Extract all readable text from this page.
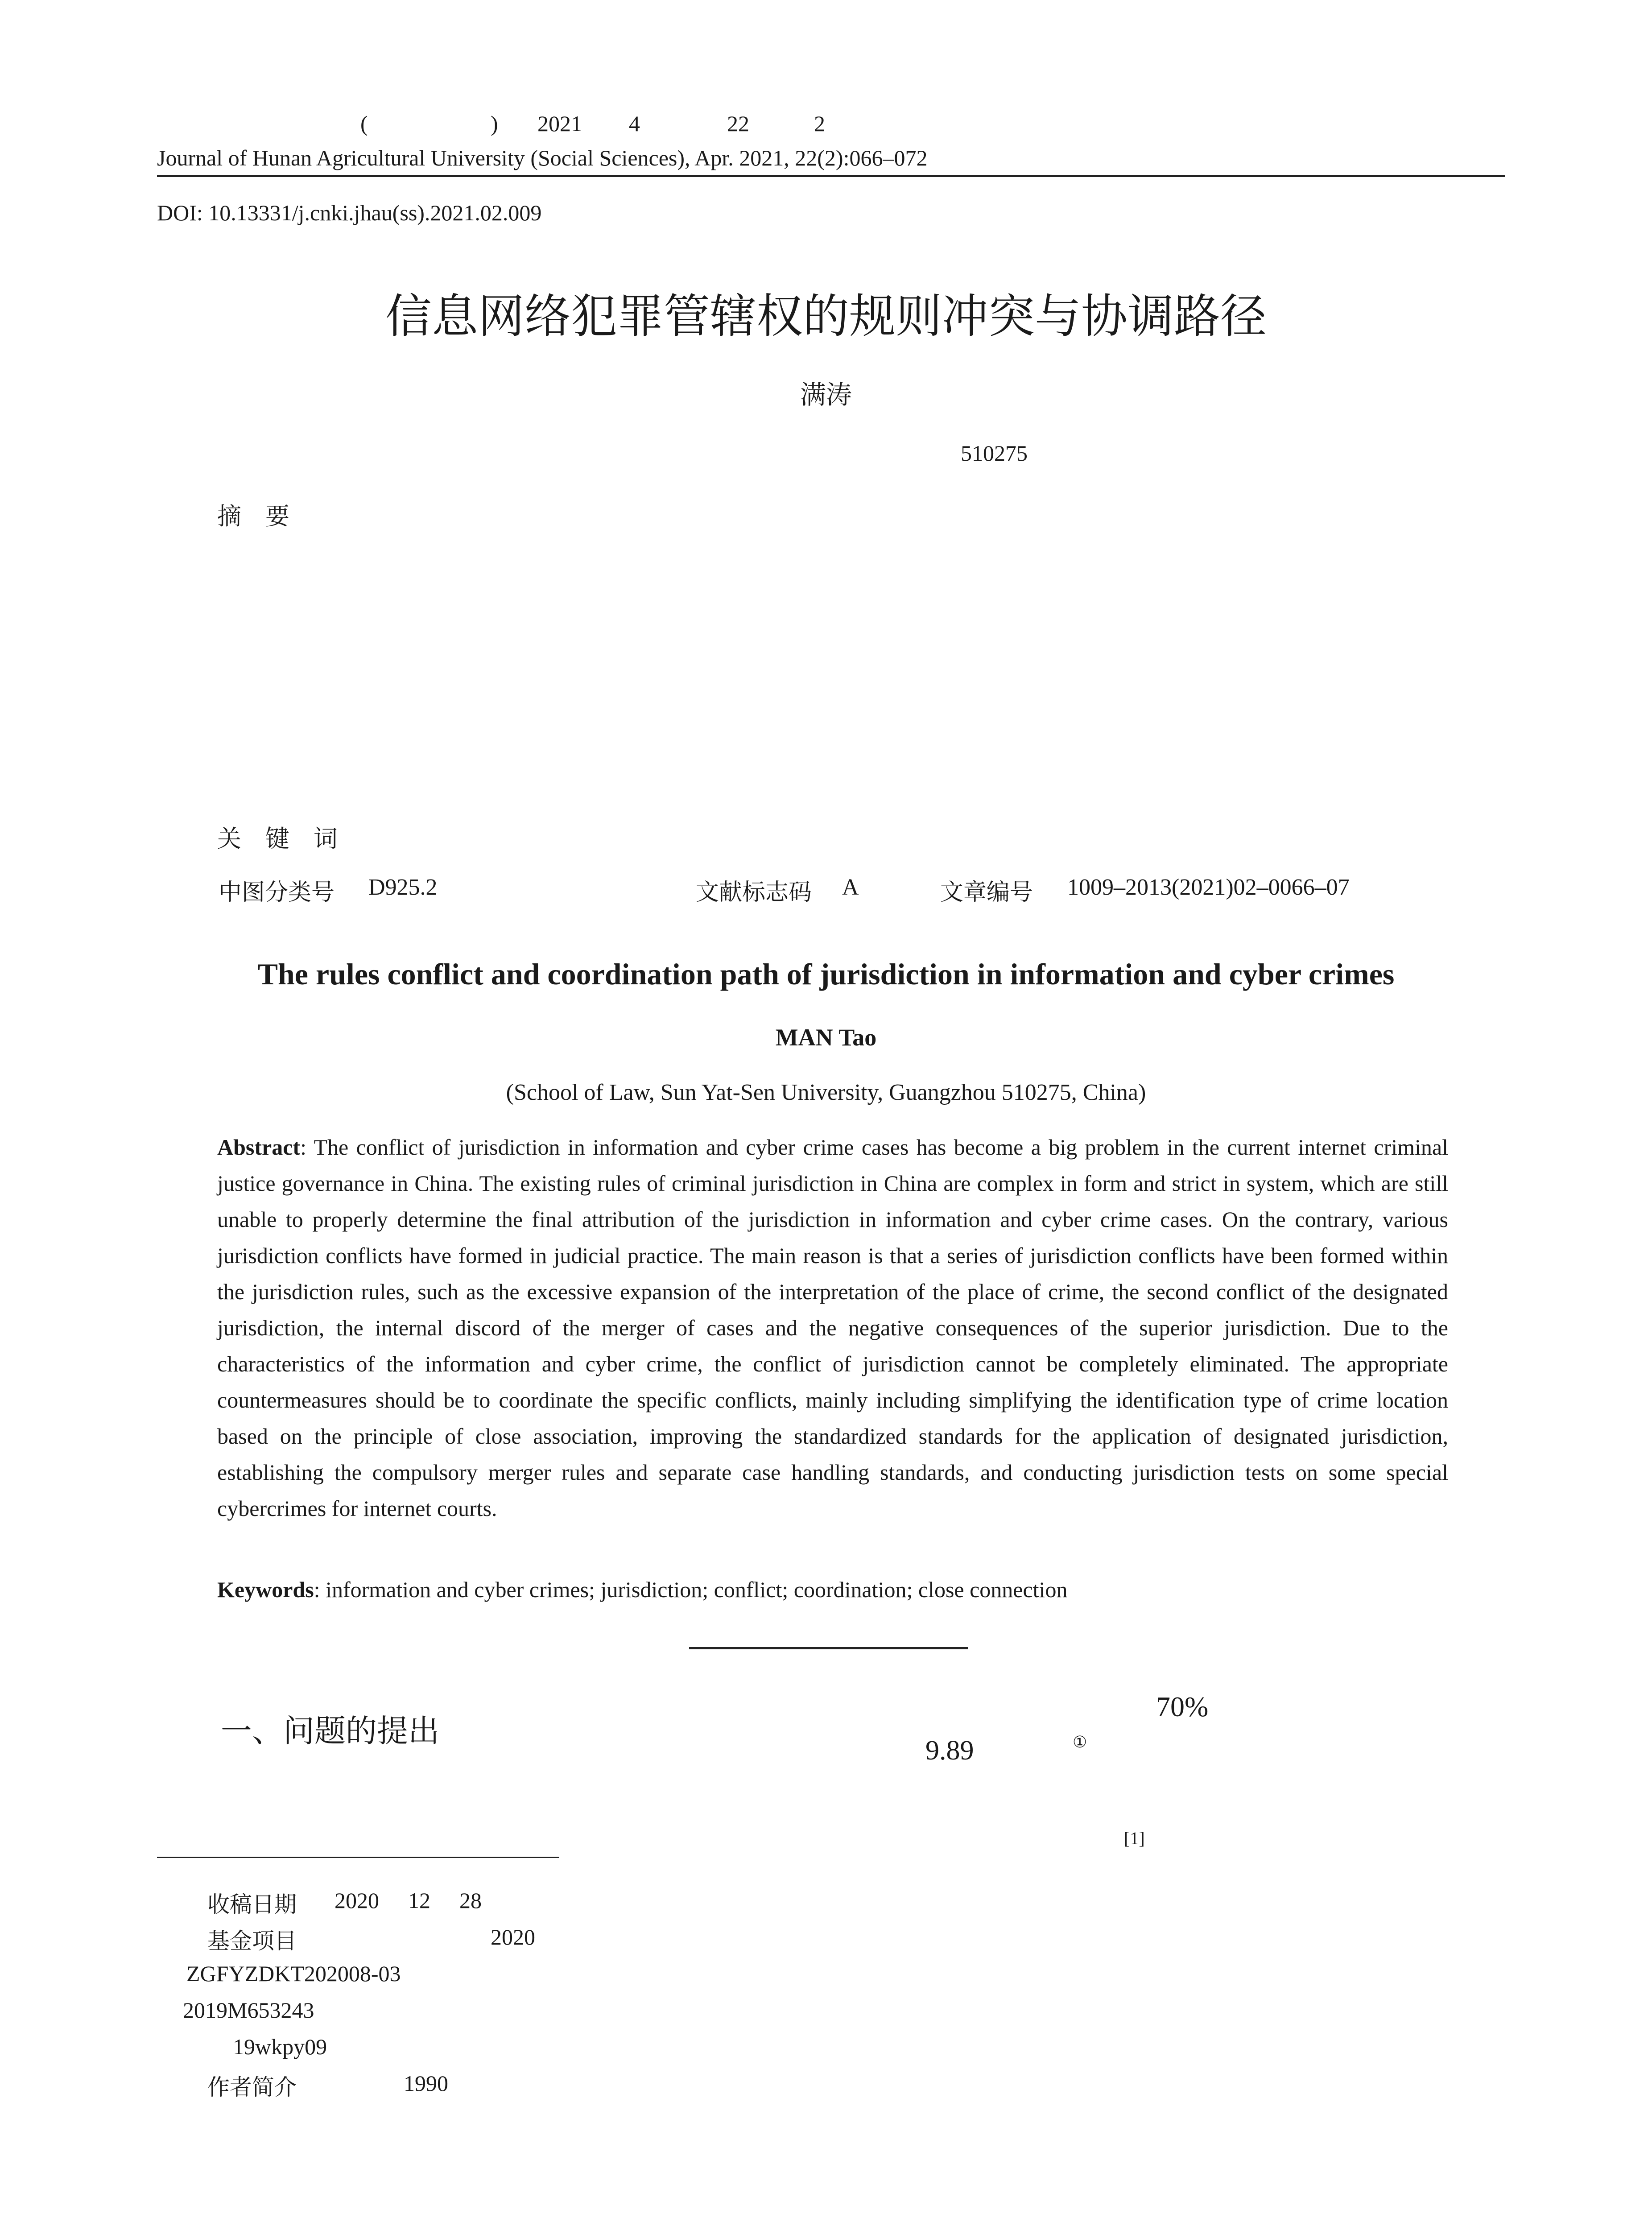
(	) 2021 4	22	2
Journal of Hunan Agricultural University (Social Sciences), Apr. 2021, 22(2):066–072
DOI: 10.13331/j.cnki.jhau(ss).2021.02.009
信息网络犯罪管辖权的规则冲突与协调路径
满涛
510275
摘　要
关　键　词
中图分类号 D925.2	文献标志码 A	文章编号 1009–2013(2021)02–0066–07
The rules conflict and coordination path of jurisdiction in information and cyber crimes
MAN Tao
(School of Law, Sun Yat-Sen University, Guangzhou 510275, China)
Abstract: The conflict of jurisdiction in information and cyber crime cases has become a big problem in the current internet criminal justice governance in China. The existing rules of criminal jurisdiction in China are complex in form and strict in system, which are still unable to properly determine the final attribution of the jurisdiction in information and cyber crime cases. On the contrary, various jurisdiction conflicts have formed in judicial practice. The main reason is that a series of jurisdiction conflicts have been formed within the jurisdiction rules, such as the excessive expansion of the interpretation of the place of crime, the second conflict of the designated jurisdiction, the internal discord of the merger of cases and the negative consequences of the superior jurisdiction. Due to the characteristics of the information and cyber crime, the conflict of jurisdiction cannot be completely eliminated. The appropriate countermeasures should be to coordinate the specific conflicts, mainly including simplifying the identification type of crime location based on the principle of close association, improving the standardized standards for the application of designated jurisdiction, establishing the compulsory merger rules and separate case handling standards, and conducting jurisdiction tests on some special cybercrimes for internet courts.
Keywords: information and cyber crimes; jurisdiction; conflict; coordination; close connection
一、问题的提出
70%
9.89	①
[1]
收稿日期 2020 12 28
基金项目	2020
ZGFYZDKT202008-03
2019M653243
19wkpy09
作者简介	1990
